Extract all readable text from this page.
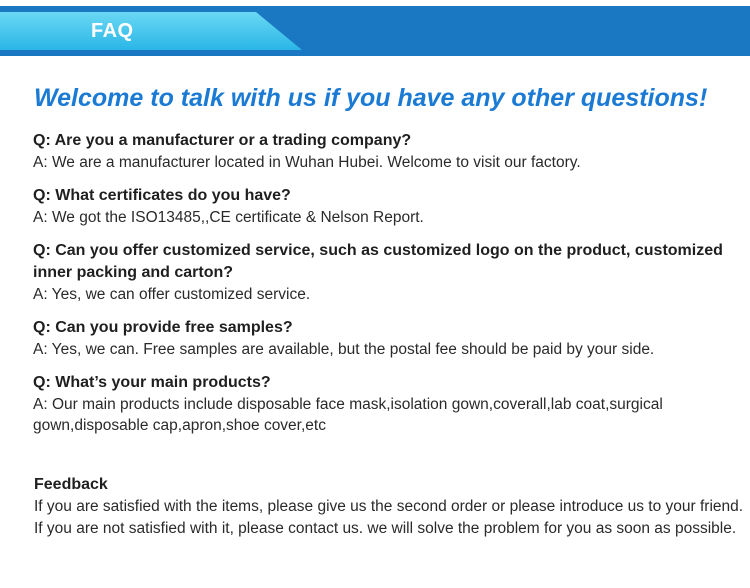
FAQ
Welcome to talk with us if you have any other questions!
Q: Are you a manufacturer or a trading company?
A: We are a manufacturer located in Wuhan Hubei. Welcome to visit our factory.
Q: What certificates do you have?
A: We got the ISO13485,,CE certificate & Nelson Report.
Q: Can you offer customized service, such as customized logo on the product, customized inner packing and carton?
A: Yes, we can offer customized service.
Q: Can you provide free samples?
A: Yes, we can. Free samples are available, but the postal fee should be paid by your side.
Q: What’s your main products?
A: Our main products include disposable face mask,isolation gown,coverall,lab coat,surgical gown,disposable cap,apron,shoe cover,etc
Feedback
If you are satisfied with the items, please give us the second order or please introduce us to your friend. If you are not satisfied with it, please contact us. we will solve the problem for you as soon as possible.
